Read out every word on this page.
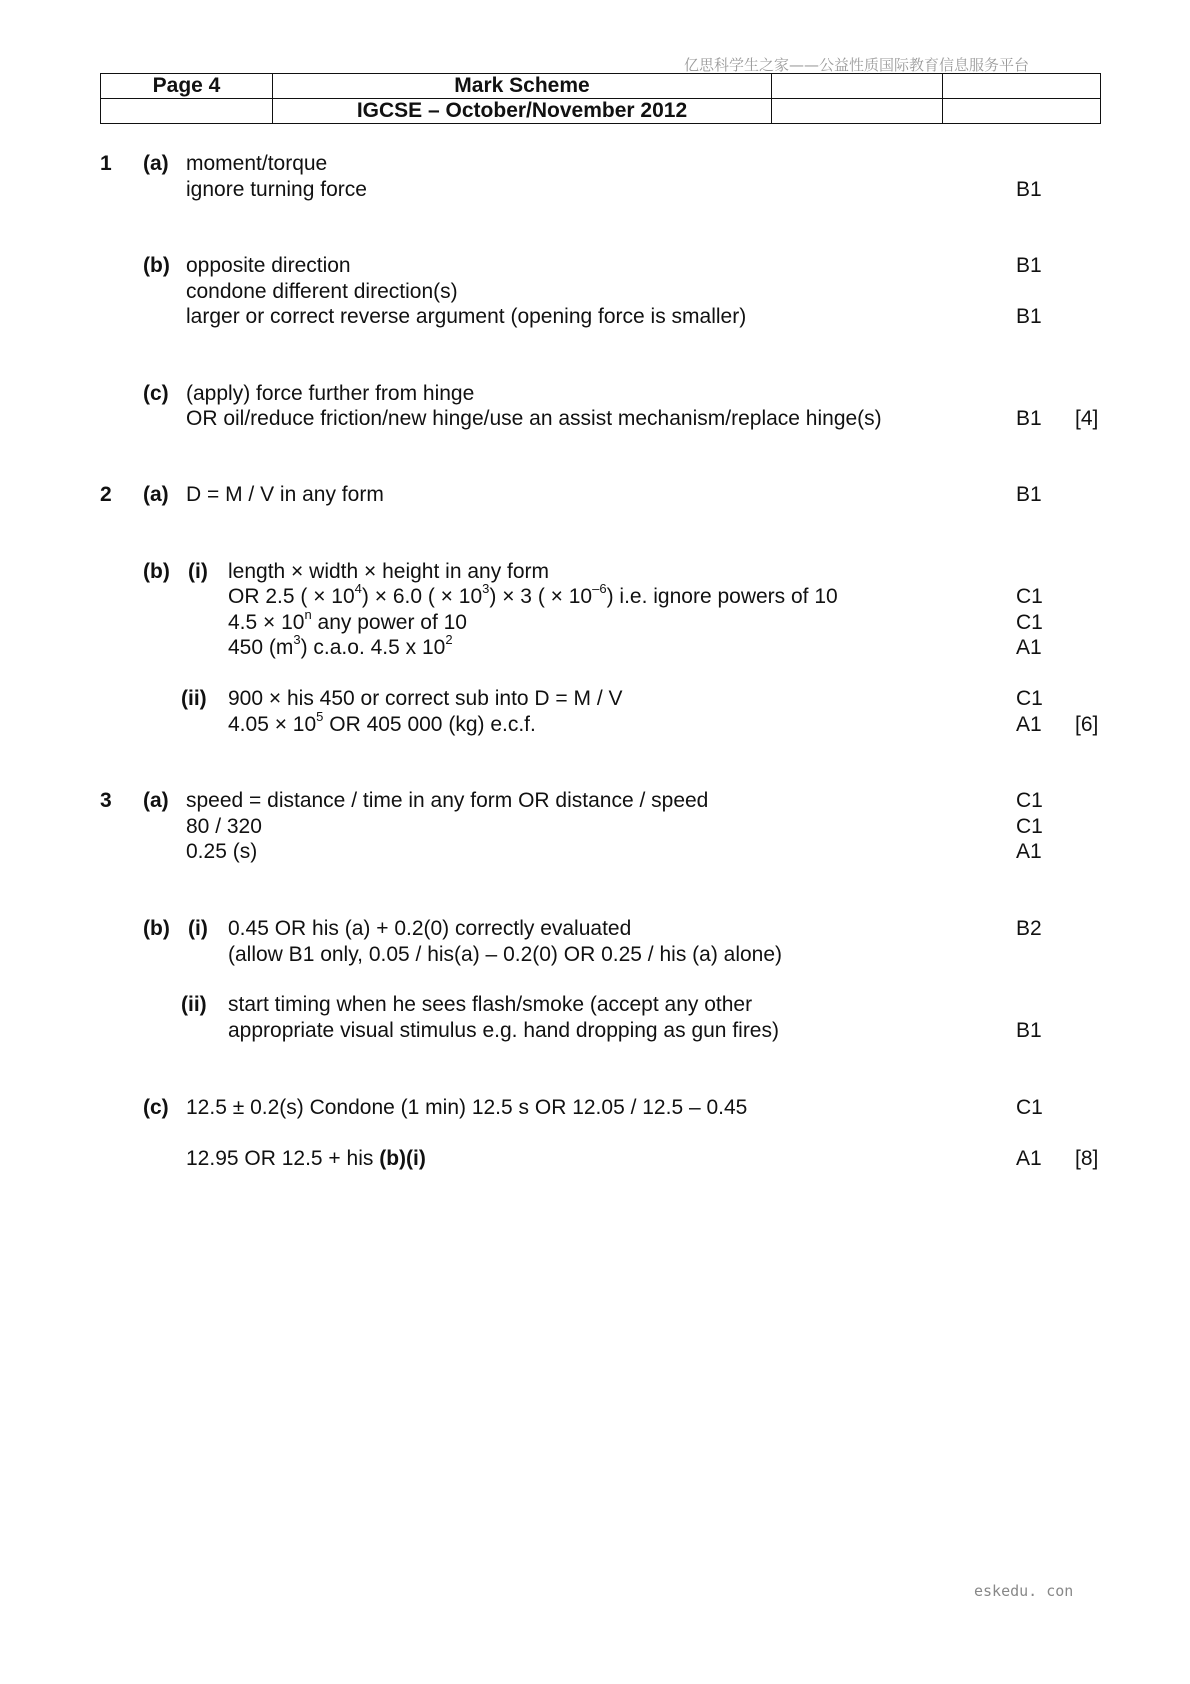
亿思科学生之家——公益性质国际教育信息服务平台
Page 4	Mark Scheme		
	IGCSE – October/November 2012		
1 (a) moment/torque
ignore turning force	B1
(b) opposite direction	B1
condone different direction(s)
larger or correct reverse argument (opening force is smaller)	B1
(c) (apply) force further from hinge
OR oil/reduce friction/new hinge/use an assist mechanism/replace hinge(s)	B1 [4]
2 (a) D = M / V in any form	B1
(b) (i) length × width × height in any form
OR 2.5 ( × $10^4) \times 6.0$ ( × $10^3) \times 3$ ( × $10^{-6}$) i.e. ignore powers of 10	C1
$4.5 \times 10^n$ any power of 10	C1
450 $(m^3)$ c.a.o. 4.5 x $10^2$	A1
(ii) 900 × his 450 or correct sub into D = M / V	C1
$4.05 \times 10^5$ OR 405 000 (kg) e.c.f.	A1 [6]
3 (a) speed = distance / time in any form OR distance / speed	C1
80 / 320	C1
0.25 (s)	A1
(b) (i) 0.45 OR his (a) + 0.2(0) correctly evaluated	B2
(allow B1 only, 0.05 / his(a) – 0.2(0) OR 0.25 / his (a) alone)
(ii) start timing when he sees flash/smoke (accept any other
appropriate visual stimulus e.g. hand dropping as gun fires)	B1
(c) 12.5 ± 0.2(s) Condone (1 min) 12.5 s OR 12.05 / 12.5 – 0.45	C1
12.95 OR 12.5 + his (b)(i)	A1 [8]
eskedu. con
